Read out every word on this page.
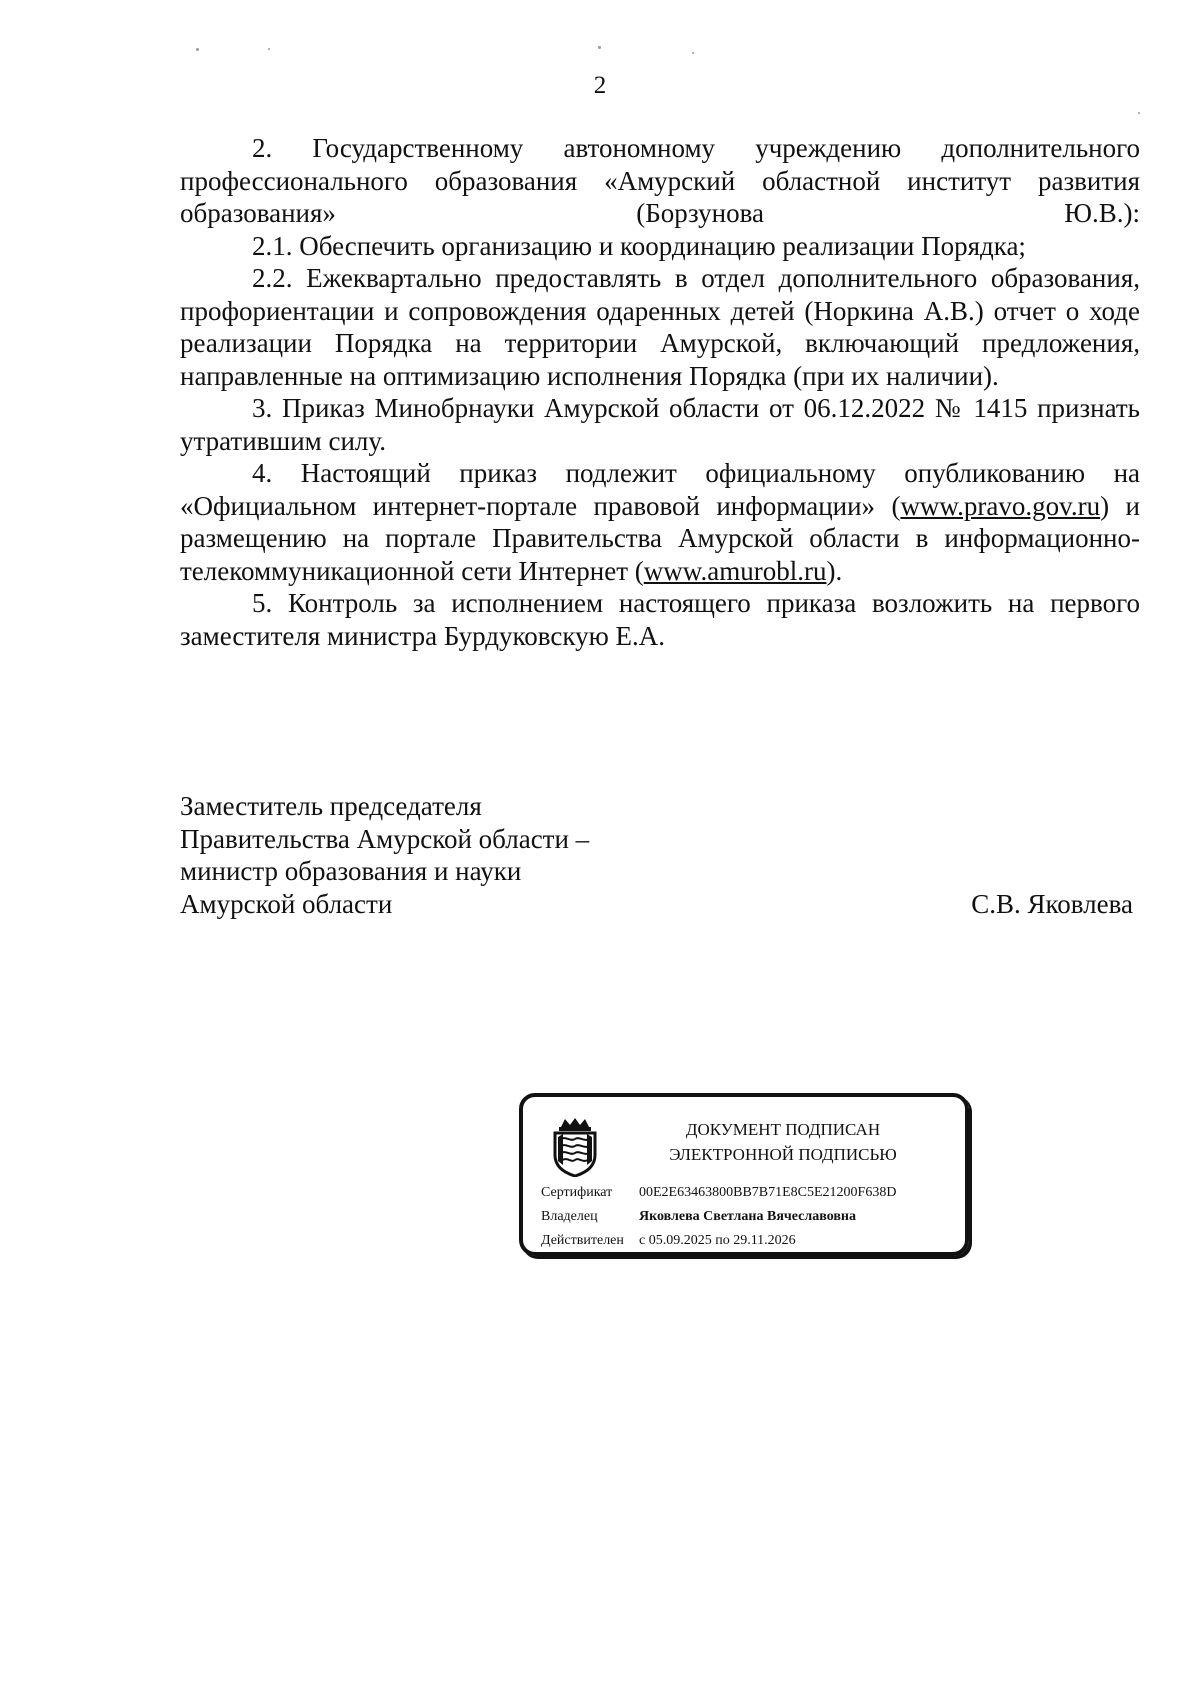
2

2. Государственному автономному учреждению дополнительного профессионального образования «Амурский областной институт развития образования» (Борзунова Ю.В.):

2.1. Обеспечить организацию и координацию реализации Порядка;

2.2. Ежеквартально предоставлять в отдел дополнительного образования, профориентации и сопровождения одаренных детей (Норкина А.В.) отчет о ходе реализации Порядка на территории Амурской, включающий предложения, направленные на оптимизацию исполнения Порядка (при их наличии).

3. Приказ Минобрнауки Амурской области от 06.12.2022 № 1415 признать утратившим силу.

4. Настоящий приказ подлежит официальному опубликованию на «Официальном интернет-портале правовой информации» (www.pravo.gov.ru) и размещению на портале Правительства Амурской области в информационно-телекоммуникационной сети Интернет (www.amurobl.ru).

5. Контроль за исполнением настоящего приказа возложить на первого заместителя министра Бурдуковскую Е.А.

Заместитель председателя
Правительства Амурской области –
министр образования и науки
Амурской области	С.В. Яковлева
ДОКУМЕНТ ПОДПИСАН
ЭЛЕКТРОННОЙ ПОДПИСЬЮ
Сертификат 00E2E63463800BB7B71E8C5E21200F638D
Владелец	Яковлева Светлана Вячеславовна
Действителен с 05.09.2025 по 29.11.2026
